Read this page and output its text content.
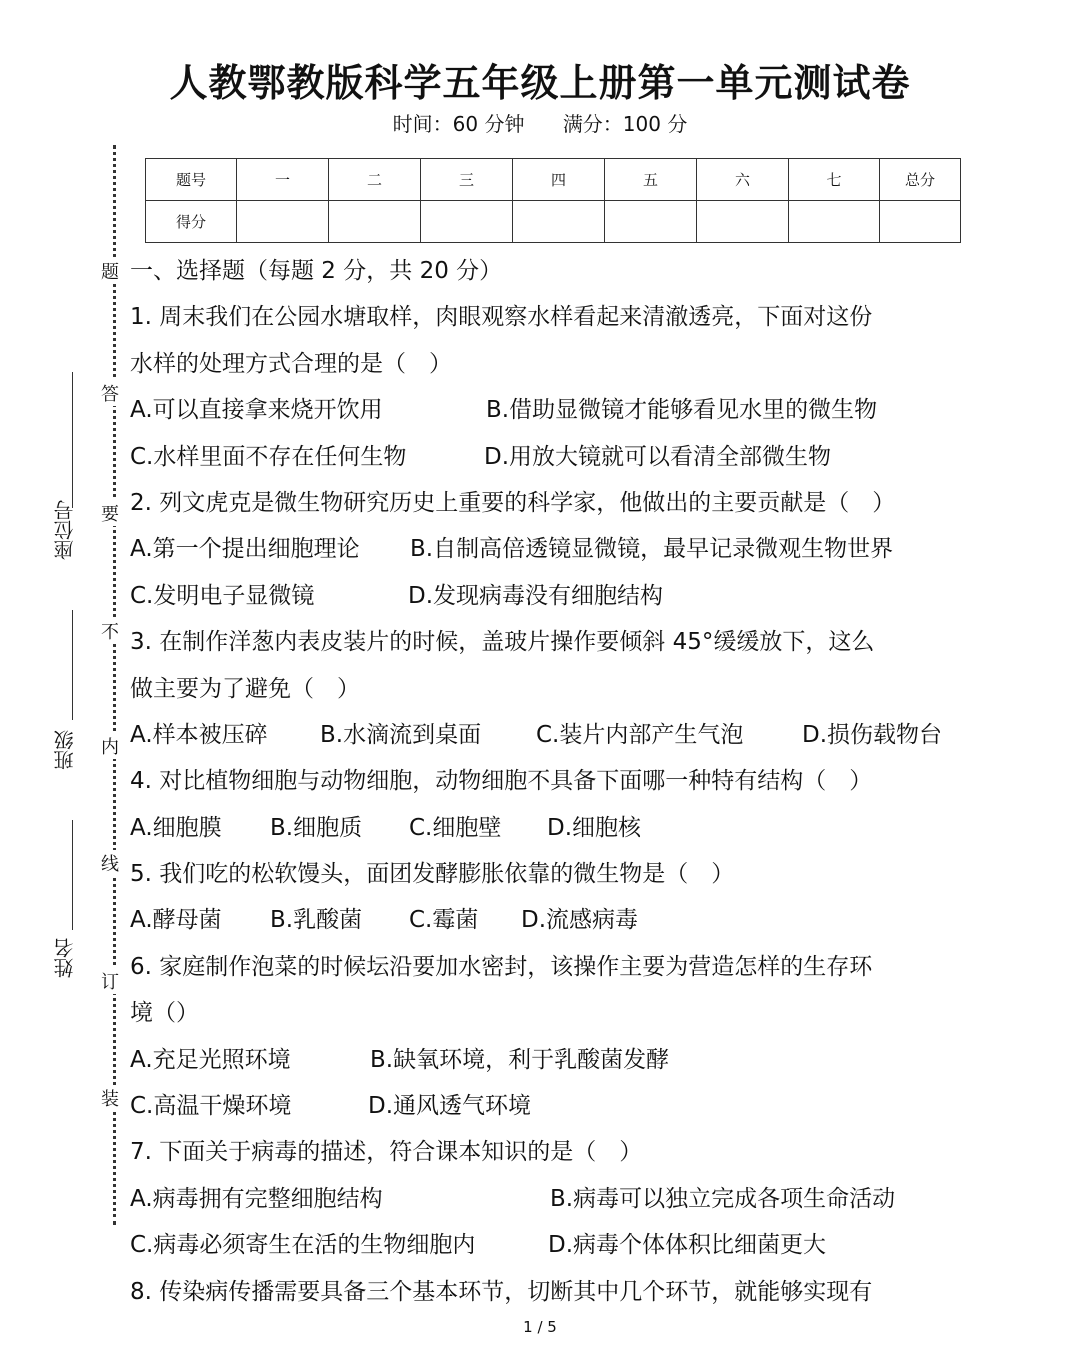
人教鄂教版科学五年级上册第一单元测试卷
时间：60 分钟 满分：100 分
题号	一	二	三	四	五	六	七	总分
得分								
题
答
要
不
内
线
订
装
座位号
班级
姓名
一、选择题（每题 2 分，共 20 分）
1. 周末我们在公园水塘取样，肉眼观察水样看起来清澈透亮，下面对这份
水样的处理方式合理的是（　）
A.可以直接拿来烧开饮用	B.借助显微镜才能够看见水里的微生物
C.水样里面不存在任何生物	D.用放大镜就可以看清全部微生物
2. 列文虎克是微生物研究历史上重要的科学家，他做出的主要贡献是（　）
A.第一个提出细胞理论	B.自制高倍透镜显微镜，最早记录微观生物世界
C.发明电子显微镜	D.发现病毒没有细胞结构
3. 在制作洋葱内表皮装片的时候，盖玻片操作要倾斜 45°缓缓放下，这么
做主要为了避免（　）
A.样本被压碎	B.水滴流到桌面	C.装片内部产生气泡	D.损伤载物台
4. 对比植物细胞与动物细胞，动物细胞不具备下面哪一种特有结构（　）
A.细胞膜	B.细胞质	C.细胞壁	D.细胞核
5. 我们吃的松软馒头，面团发酵膨胀依靠的微生物是（　）
A.酵母菌	B.乳酸菌	C.霉菌	D.流感病毒
6. 家庭制作泡菜的时候坛沿要加水密封，该操作主要为营造怎样的生存环
境（）
A.充足光照环境	B.缺氧环境，利于乳酸菌发酵
C.高温干燥环境	D.通风透气环境
7. 下面关于病毒的描述，符合课本知识的是（　）
A.病毒拥有完整细胞结构	B.病毒可以独立完成各项生命活动
C.病毒必须寄生在活的生物细胞内	D.病毒个体体积比细菌更大
8. 传染病传播需要具备三个基本环节，切断其中几个环节，就能够实现有
1 / 5
